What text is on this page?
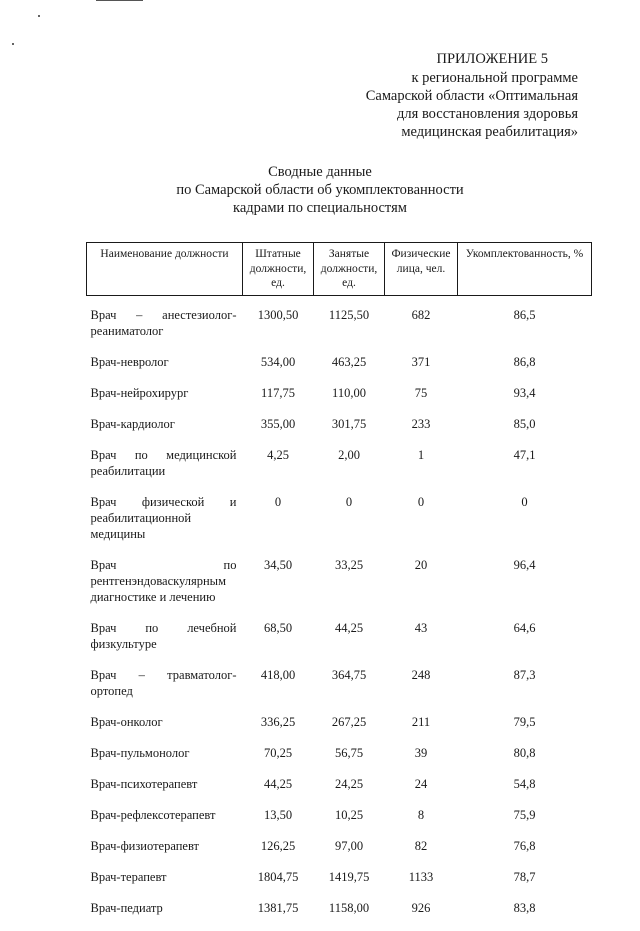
ПРИЛОЖЕНИЕ 5
к региональной программе
Самарской области «Оптимальная
для восстановления здоровья
медицинская реабилитация»
Сводные данные
по Самарской области об укомплектованности
кадрами по специальностям
Наименование должности	Штатные должности, ед.	Занятые должности, ед.	Физические лица, чел.	Укомплектованность, %
Врач – анестезиолог-реаниматолог	1300,50	1125,50	682	86,5
Врач-невролог	534,00	463,25	371	86,8
Врач-нейрохирург	117,75	110,00	75	93,4
Врач-кардиолог	355,00	301,75	233	85,0
Врач по медицинской реабилитации	4,25	2,00	1	47,1
Врач физической и реабилитационной медицины	0	0	0	0
Врач по рентгенэндоваскулярным диагностике и лечению	34,50	33,25	20	96,4
Врач по лечебной физкультуре	68,50	44,25	43	64,6
Врач – травматолог-ортопед	418,00	364,75	248	87,3
Врач-онколог	336,25	267,25	211	79,5
Врач-пульмонолог	70,25	56,75	39	80,8
Врач-психотерапевт	44,25	24,25	24	54,8
Врач-рефлексотерапевт	13,50	10,25	8	75,9
Врач-физиотерапевт	126,25	97,00	82	76,8
Врач-терапевт	1804,75	1419,75	1133	78,7
Врач-педиатр	1381,75	1158,00	926	83,8
